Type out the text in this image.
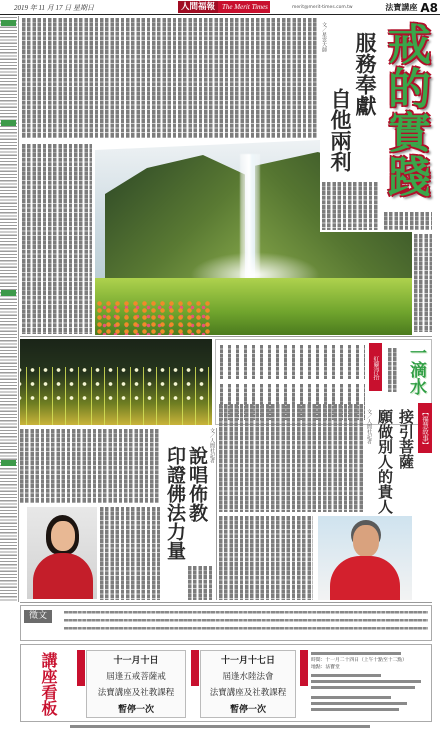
2019 年 11 月 17 日 星期日	人間福報	The Merit Times	merit@merit-times.com.tw	法寶講座 A8
戒的實踐
服務奉獻
自他兩利
文／星雲大師
紅塵浮拾 一滴水
說唱佈教
印證佛法力量
文／人間社記者	【福慧故事】
接引菩薩
願做別人的貴人
文／人間社記者
徵文
講座看板	十一月十日
屆逢五戒菩薩戒
法寶講座及社教課程
暫停一次
十一月十七日
屆逢水陸法會
法寶講座及社教課程
暫停一次
時間：十一月二十四日（上午十點至十二點）
地點：法寶堂
